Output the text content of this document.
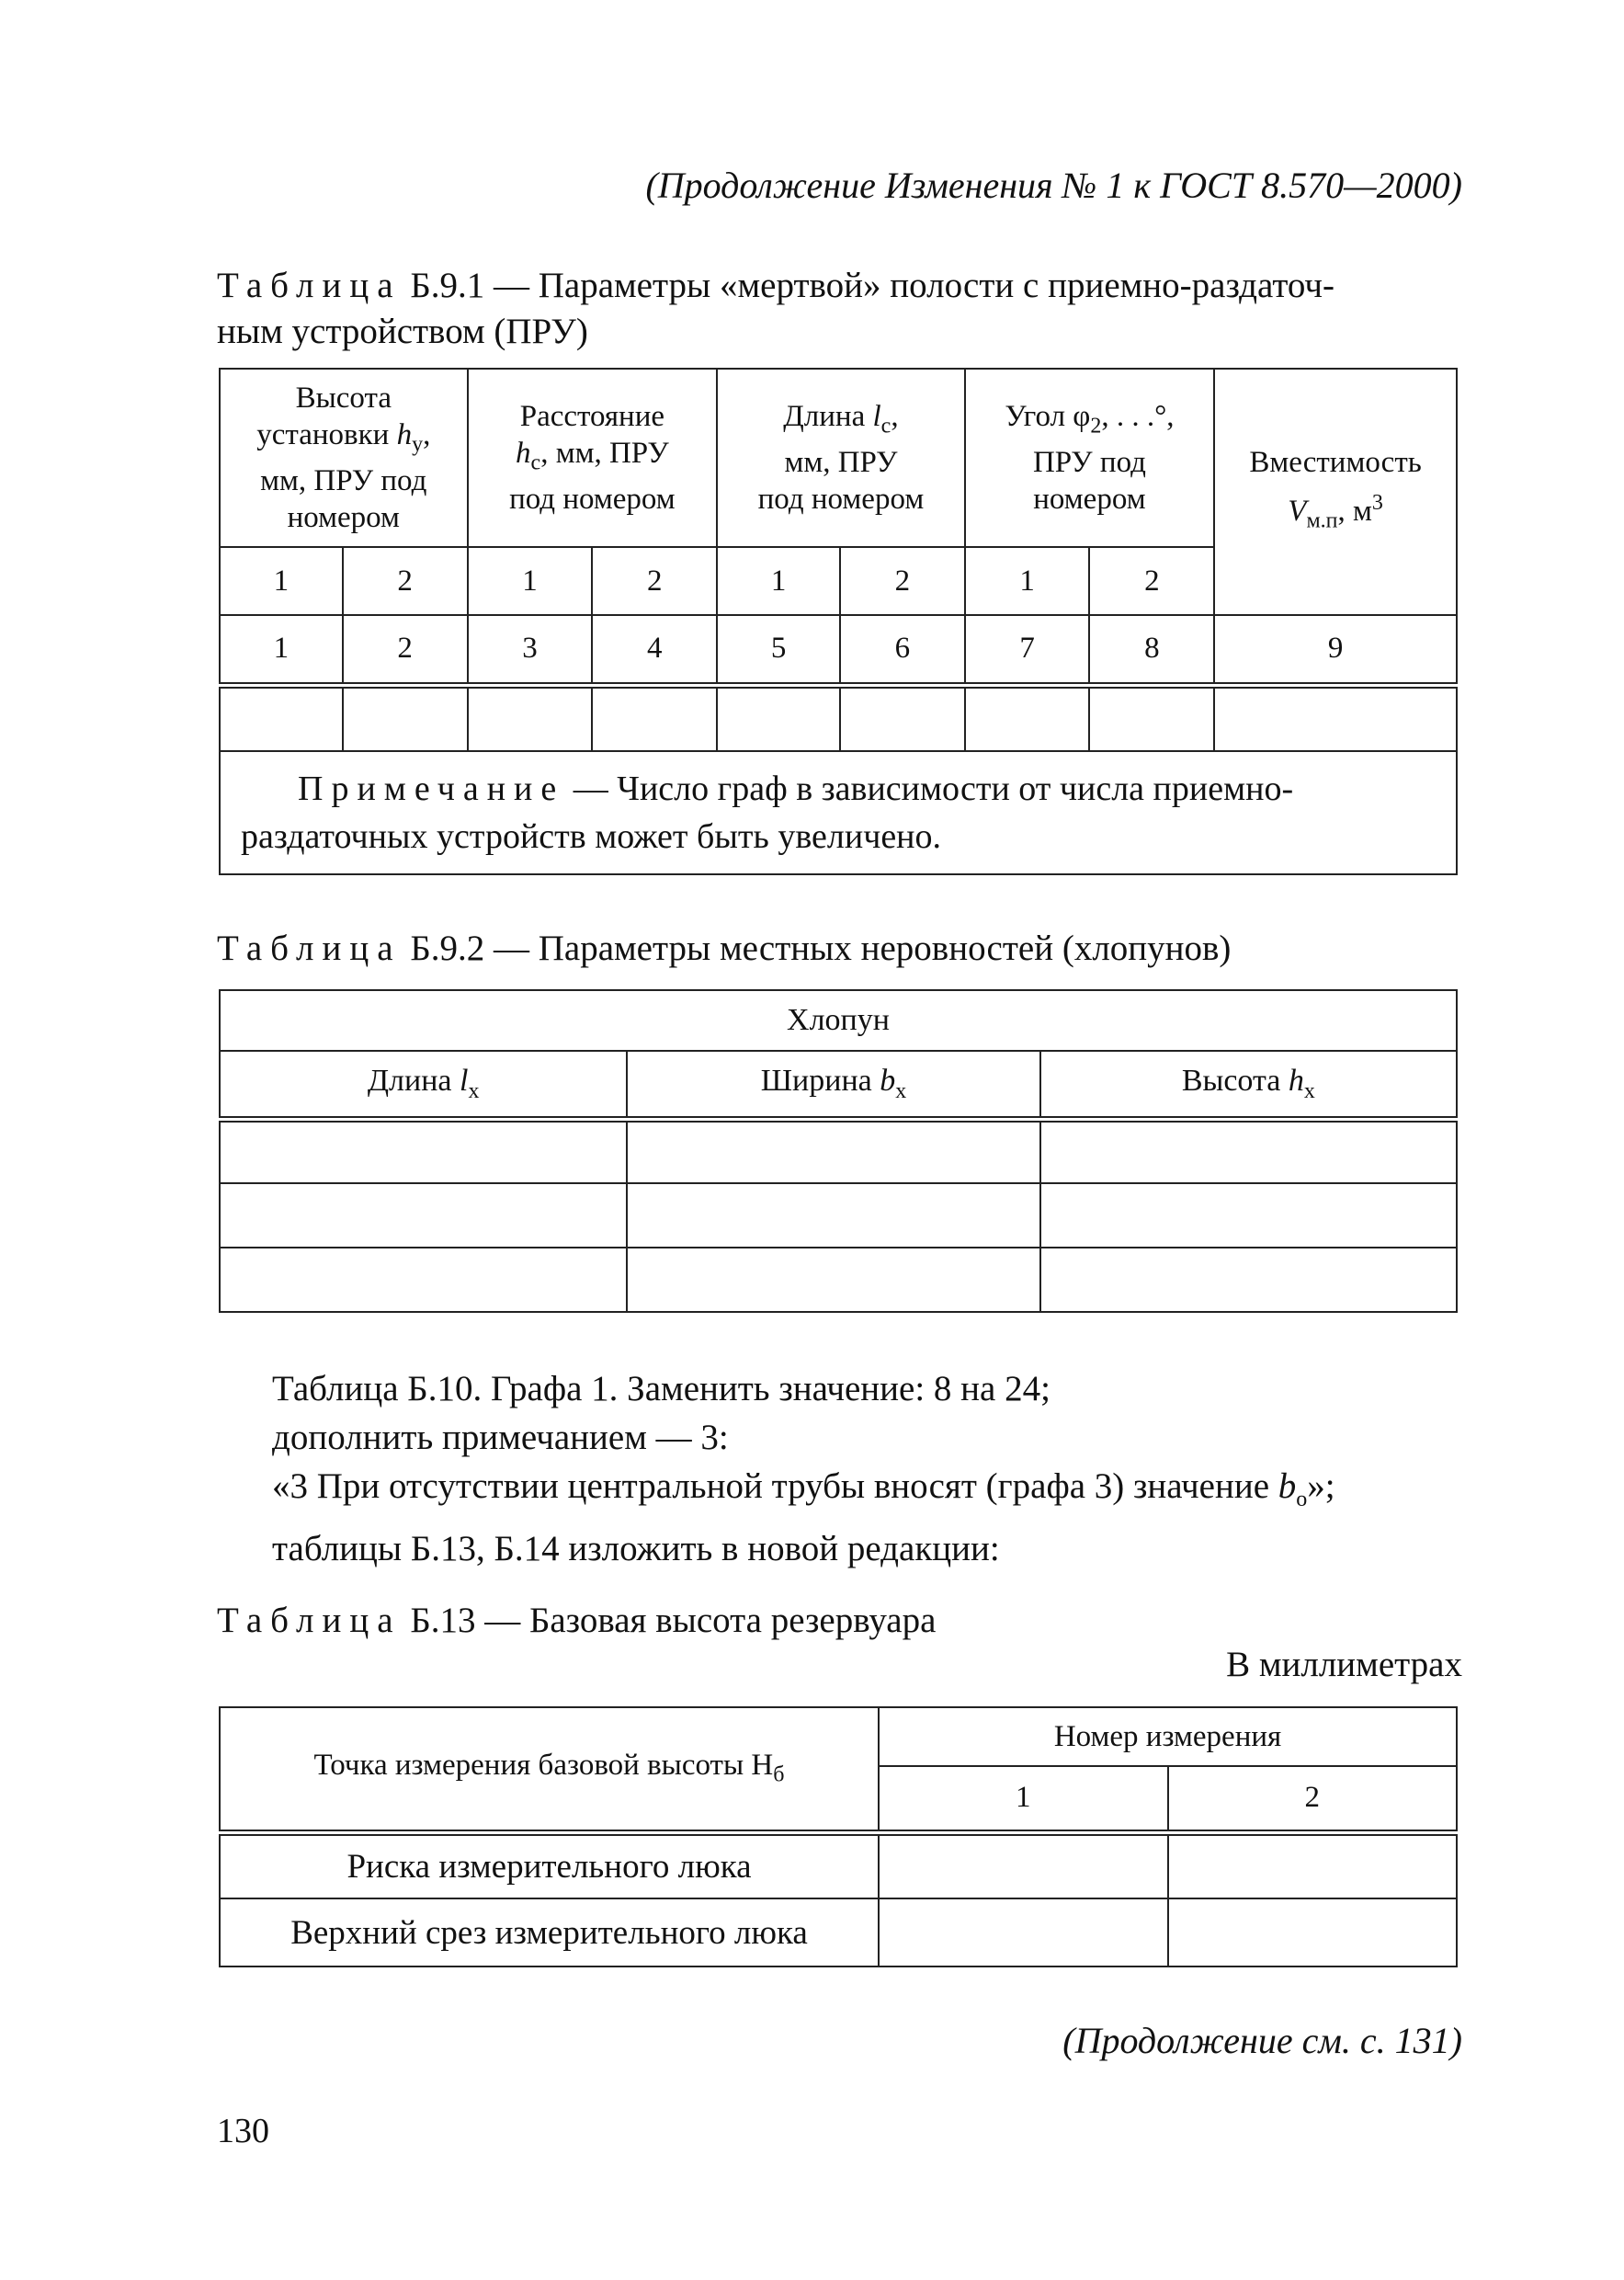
(Продолжение Изменения № 1 к ГОСТ 8.570—2000)
Таблица Б.9.1 — Параметры «мертвой» полости с приемно-раздаточ-
ным устройством (ПРУ)
Высота
установки $h_у$,
мм, ПРУ под
номером		Расстояние
$h_с$, мм, ПРУ
под номером		Длина $l_с$,
мм, ПРУ
под номером		Угол $\varphi_2$, . . .°,
ПРУ под
номером		Вместимость
$V_{м.п}$, $м^3$
1	2	1	2	1	2	1	2	
1	2	3	4	5	6	7	8	9

Примечание — Число граф в зависимости от числа приемно-
раздаточных устройств может быть увеличено.								
Таблица Б.9.2 — Параметры местных неровностей (хлопунов)
Хлопун		
Длина $l_х$	Ширина $b_х$	Высота $h_х$

Таблица Б.10. Графа 1. Заменить значение: 8 на 24;
дополнить примечанием — 3:
«3 При отсутствии центральной трубы вносят (графа 3) значение $b_о$»;
таблицы Б.13, Б.14 изложить в новой редакции:
Таблица Б.13 — Базовая высота резервуара
В миллиметрах
Точка измерения базовой высоты $Н_б$	Номер измерения	
	1	2
Риска измерительного люка		
Верхний срез измерительного люка		
(Продолжение см. с. 131)
130
